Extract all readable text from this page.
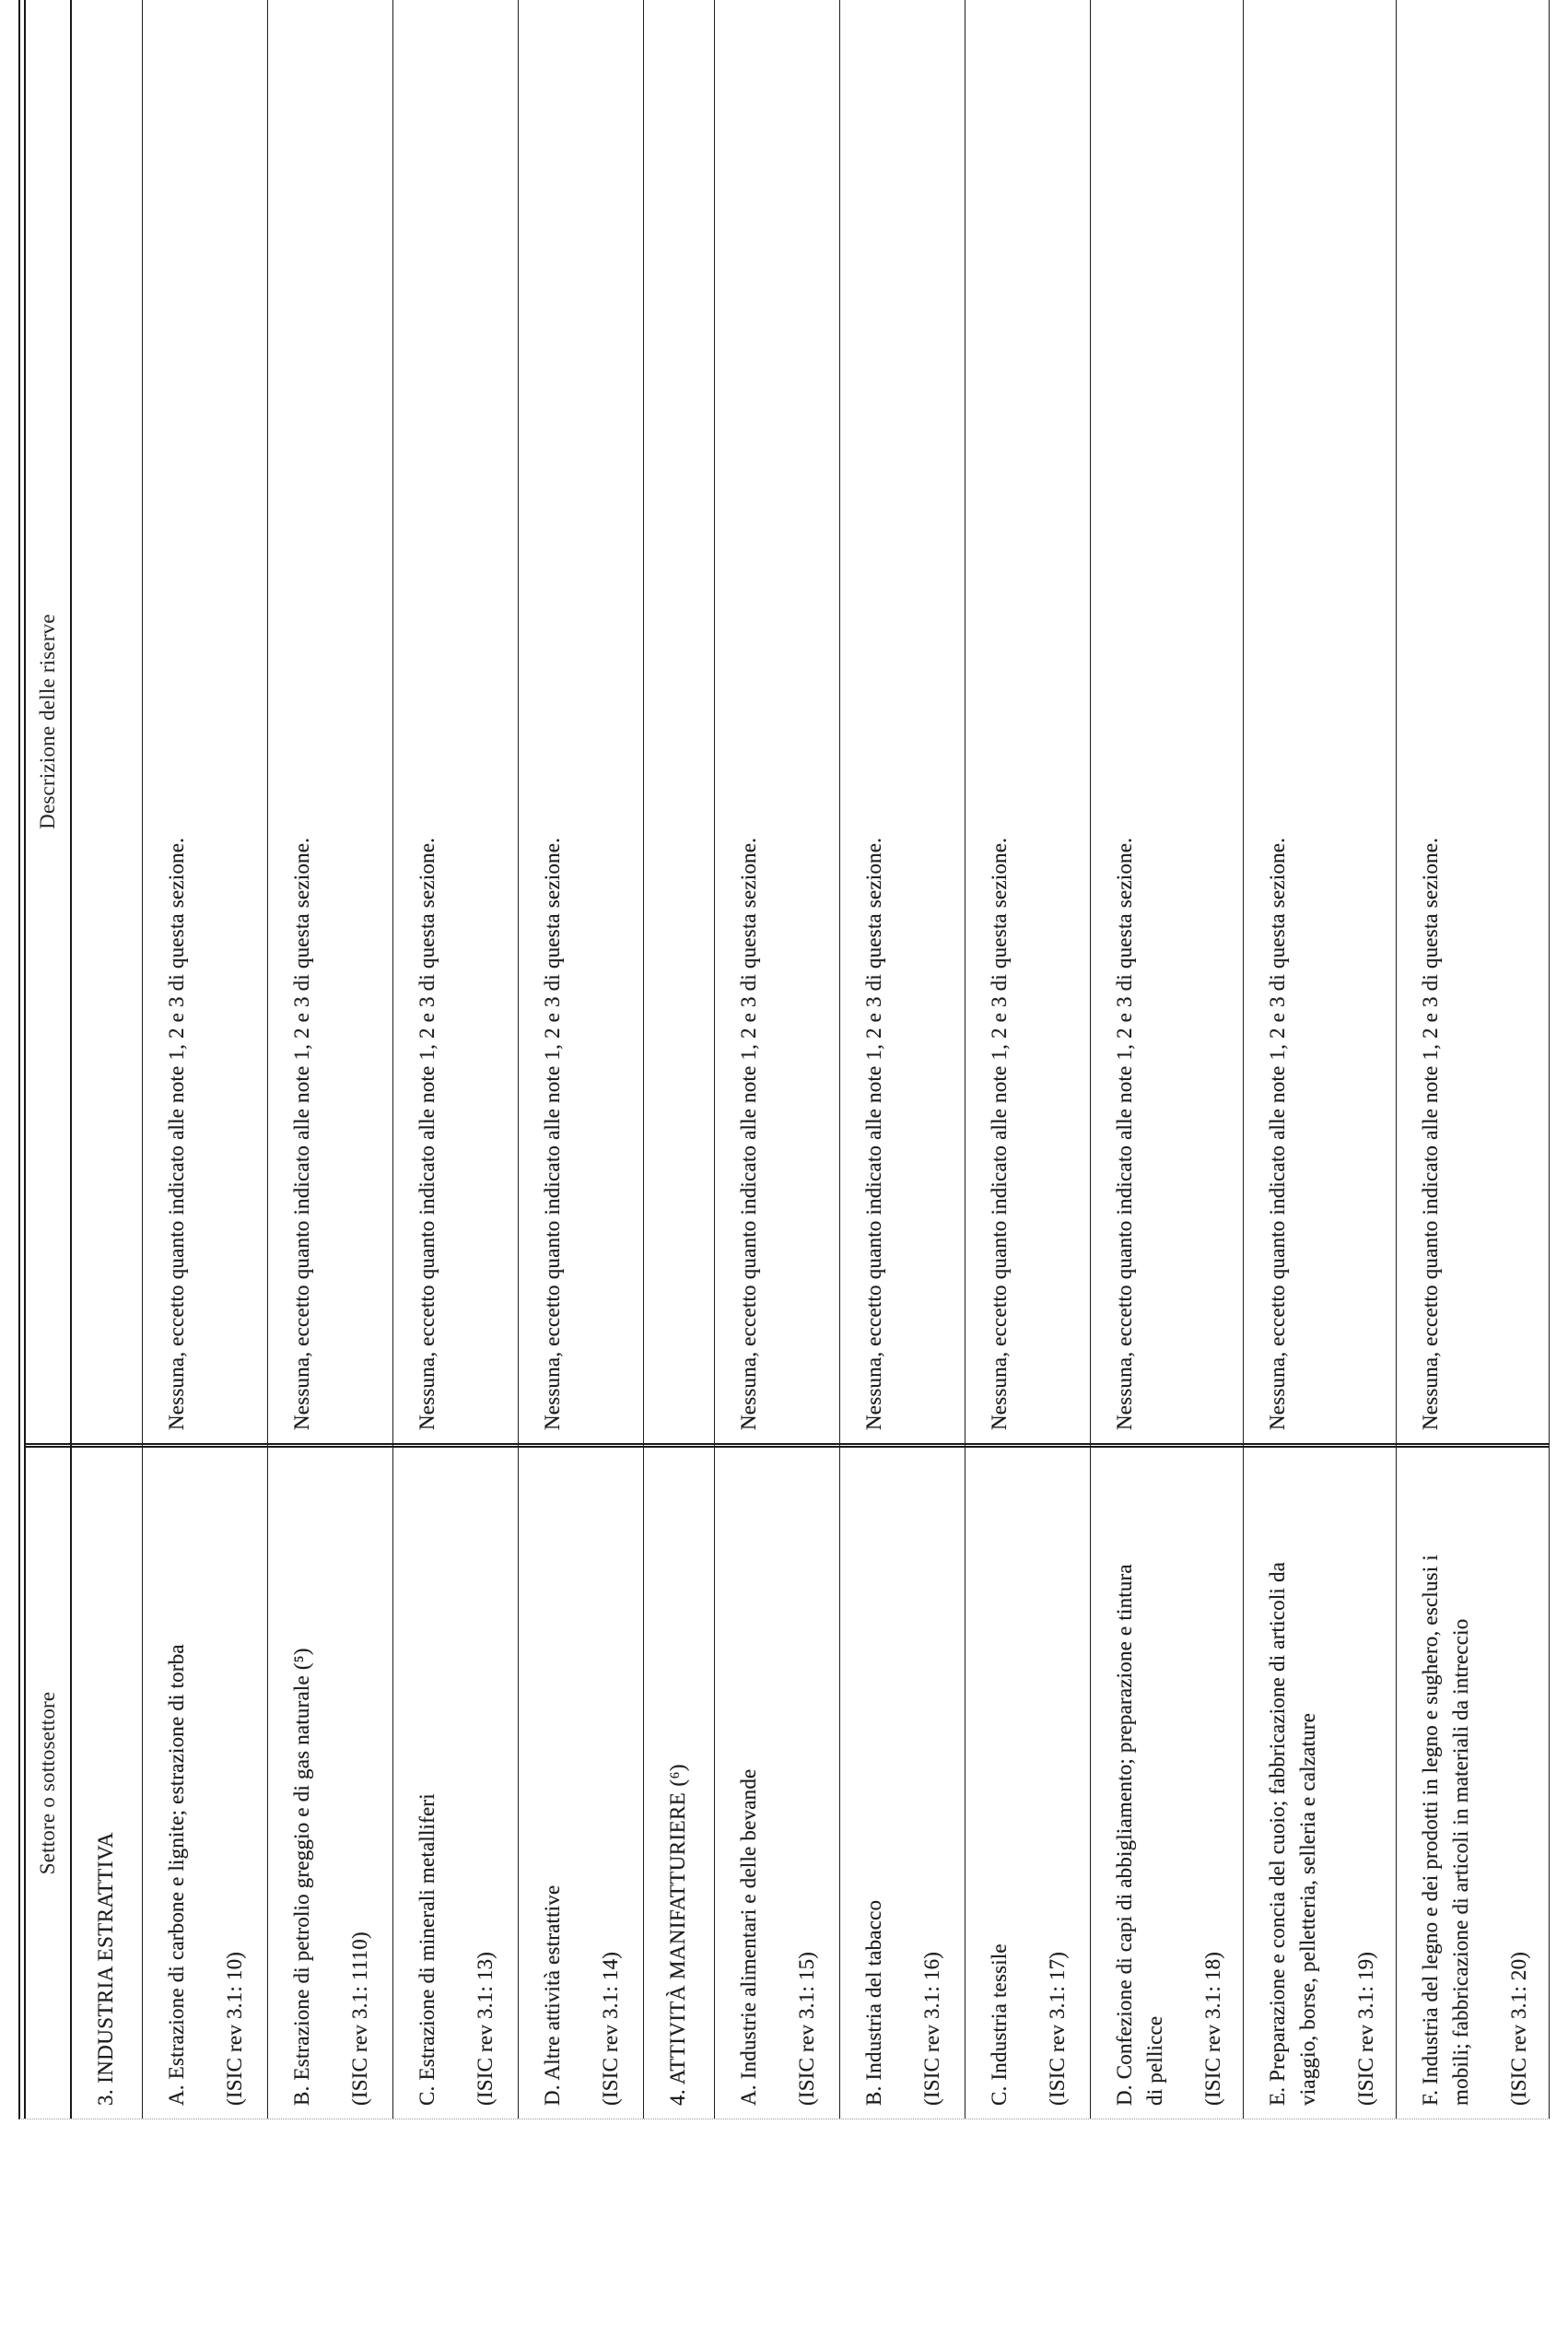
Settore o sottosettore
Descrizione delle riserve
3. INDUSTRIA ESTRATTIVA A. Estrazione di carbone e lignite; estrazione di torba (ISIC rev 3.1: 10)
Nessuna, eccetto quanto indicato alle note 1, 2 e 3 di questa sezione.
B. Estrazione di petrolio greggio e di gas naturale (⁵) (ISIC rev 3.1: 1110)
Nessuna, eccetto quanto indicato alle note 1, 2 e 3 di questa sezione.
C. Estrazione di minerali metalliferi (ISIC rev 3.1: 13)
Nessuna, eccetto quanto indicato alle note 1, 2 e 3 di questa sezione.
D. Altre attività estrattive (ISIC rev 3.1: 14)
Nessuna, eccetto quanto indicato alle note 1, 2 e 3 di questa sezione.
4. ATTIVITÀ MANIFATTURIERE (⁶) A. Industrie alimentari e delle bevande (ISIC rev 3.1: 15)
Nessuna, eccetto quanto indicato alle note 1, 2 e 3 di questa sezione.
B. Industria del tabacco (ISIC rev 3.1: 16)
Nessuna, eccetto quanto indicato alle note 1, 2 e 3 di questa sezione.
C. Industria tessile (ISIC rev 3.1: 17)
Nessuna, eccetto quanto indicato alle note 1, 2 e 3 di questa sezione.
D. Confezione di capi di abbigliamento; preparazione e tintura di pellicce (ISIC rev 3.1: 18)
Nessuna, eccetto quanto indicato alle note 1, 2 e 3 di questa sezione.
E. Preparazione e concia del cuoio; fabbricazione di articoli da viaggio, borse, pelletteria, selleria e calzature (ISIC rev 3.1: 19)
Nessuna, eccetto quanto indicato alle note 1, 2 e 3 di questa sezione.
F. Industria del legno e dei prodotti in legno e sughero, esclusi i mobili; fabbricazione di articoli in materiali da intreccio (ISIC rev 3.1: 20)
Nessuna, eccetto quanto indicato alle note 1, 2 e 3 di questa sezione.
